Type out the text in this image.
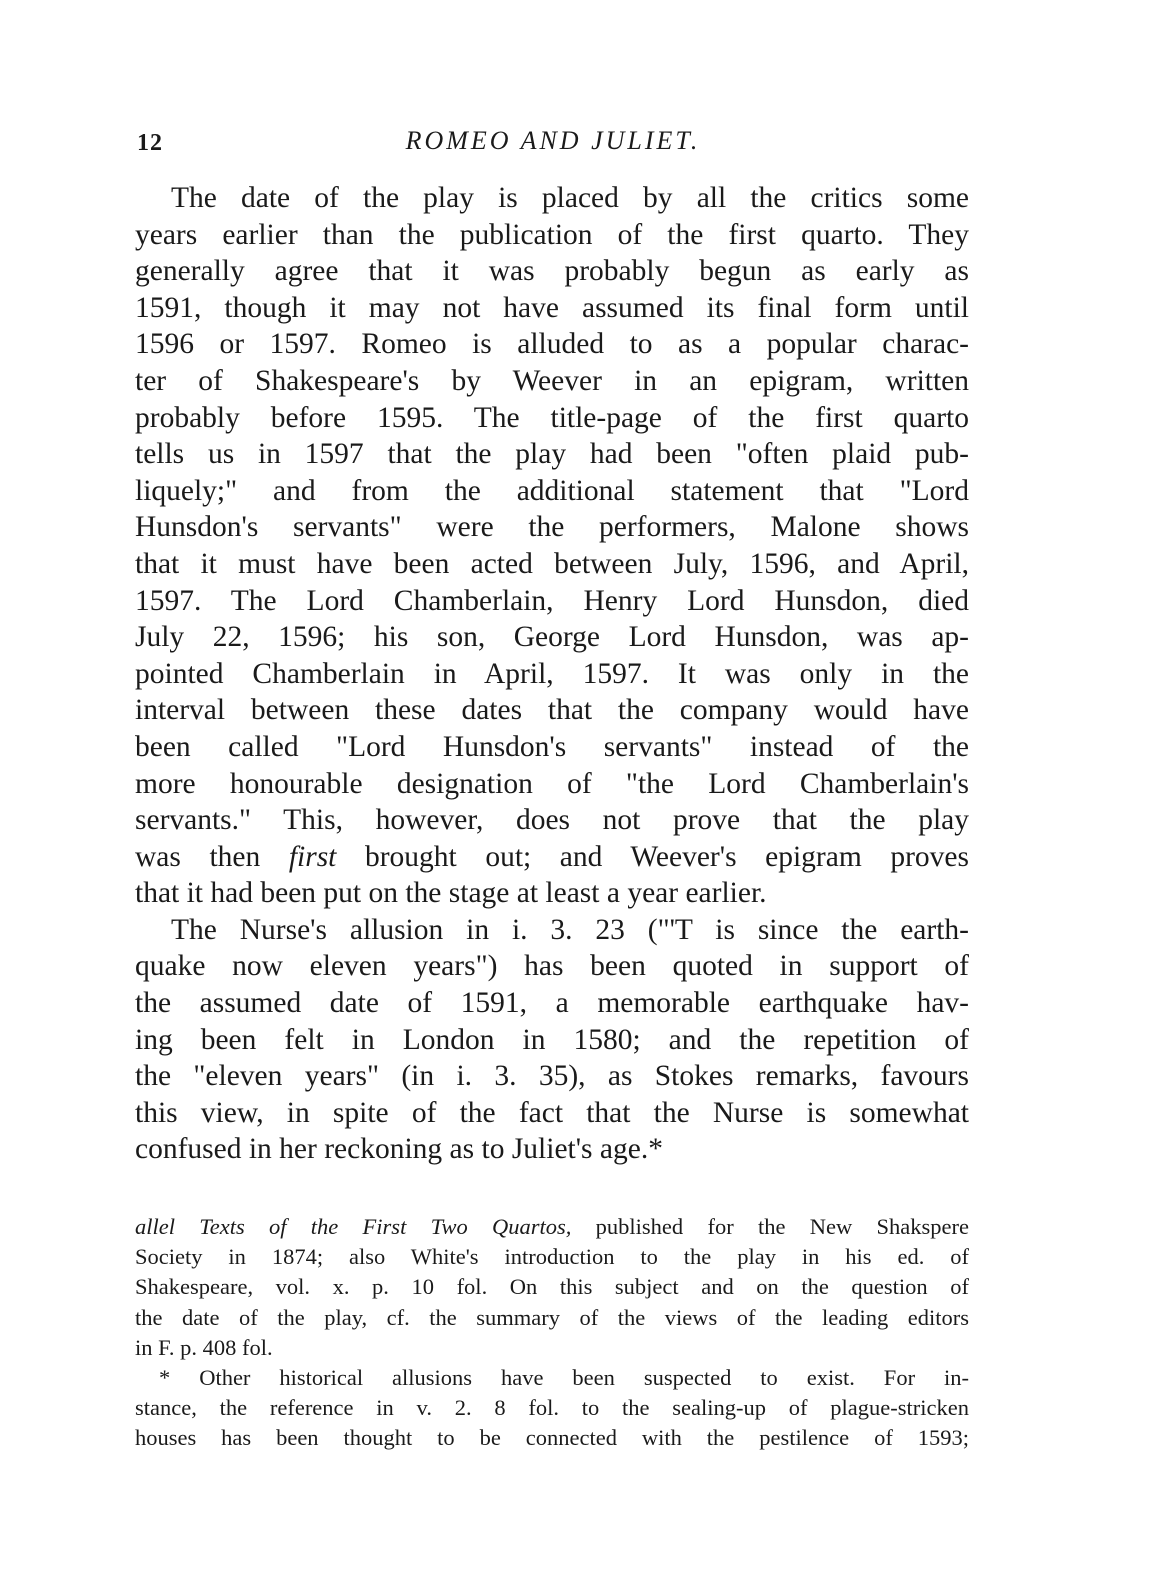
12	ROMEO AND JULIET.
The date of the play is placed by all the critics some
years earlier than the publication of the first quarto. They
generally agree that it was probably begun as early as
1591, though it may not have assumed its final form until
1596 or 1597. Romeo is alluded to as a popular charac-
ter of Shakespeare's by Weever in an epigram, written
probably before 1595. The title-page of the first quarto
tells us in 1597 that the play had been "often plaid pub-
liquely;" and from the additional statement that "Lord
Hunsdon's servants" were the performers, Malone shows
that it must have been acted between July, 1596, and April,
1597. The Lord Chamberlain, Henry Lord Hunsdon, died
July 22, 1596; his son, George Lord Hunsdon, was ap-
pointed Chamberlain in April, 1597. It was only in the
interval between these dates that the company would have
been called "Lord Hunsdon's servants" instead of the
more honourable designation of "the Lord Chamberlain's
servants." This, however, does not prove that the play
was then first brought out; and Weever's epigram proves
that it had been put on the stage at least a year earlier.
The Nurse's allusion in i. 3. 23 ("'T is since the earth-
quake now eleven years") has been quoted in support of
the assumed date of 1591, a memorable earthquake hav-
ing been felt in London in 1580; and the repetition of
the "eleven years" (in i. 3. 35), as Stokes remarks, favours
this view, in spite of the fact that the Nurse is somewhat
confused in her reckoning as to Juliet's age.*
allel Texts of the First Two Quartos, published for the New Shakspere
Society in 1874; also White's introduction to the play in his ed. of
Shakespeare, vol. x. p. 10 fol. On this subject and on the question of
the date of the play, cf. the summary of the views of the leading editors
in F. p. 408 fol.
* Other historical allusions have been suspected to exist. For in-
stance, the reference in v. 2. 8 fol. to the sealing-up of plague-stricken
houses has been thought to be connected with the pestilence of 1593;
